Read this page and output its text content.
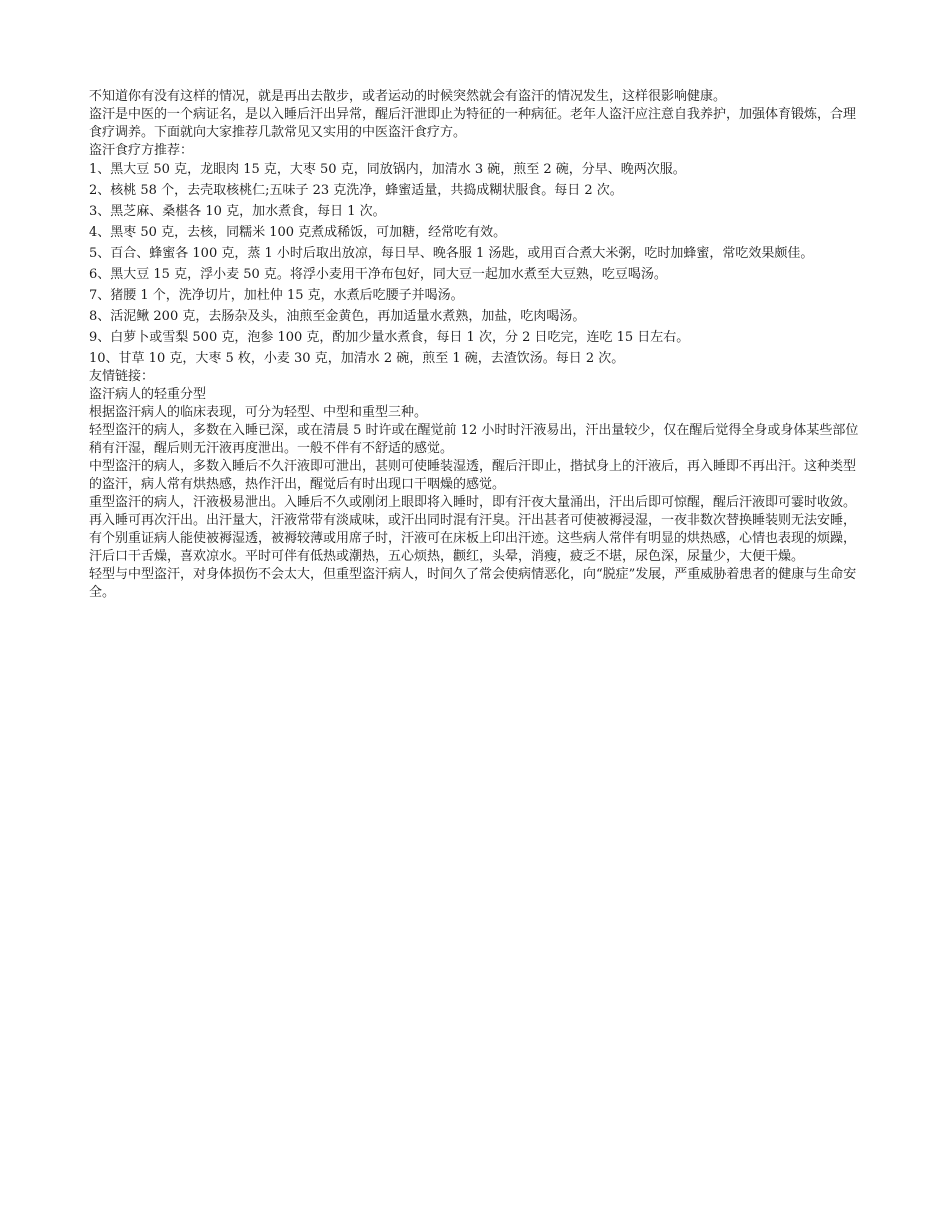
不知道你有没有这样的情况，就是再出去散步，或者运动的时候突然就会有盗汗的情况发生，这样很影响健康。

盗汗是中医的一个病证名，是以入睡后汗出异常，醒后汗泄即止为特征的一种病征。老年人盗汗应注意自我养护，加强体育锻炼，合理食疗调养。下面就向大家推荐几款常见又实用的中医盗汗食疗方。

盗汗食疗方推荐：

1、黑大豆 50 克，龙眼肉 15 克，大枣 50 克，同放锅内，加清水 3 碗，煎至 2 碗，分早、晚两次服。

2、核桃 58 个，去壳取核桃仁;五味子 23 克洗净，蜂蜜适量，共捣成糊状服食。每日 2 次。

3、黑芝麻、桑椹各 10 克，加水煮食，每日 1 次。

4、黑枣 50 克，去核，同糯米 100 克煮成稀饭，可加糖，经常吃有效。

5、百合、蜂蜜各 100 克，蒸 1 小时后取出放凉，每日早、晚各服 1 汤匙，或用百合煮大米粥，吃时加蜂蜜，常吃效果颇佳。

6、黑大豆 15 克，浮小麦 50 克。将浮小麦用干净布包好，同大豆一起加水煮至大豆熟，吃豆喝汤。

7、猪腰 1 个，洗净切片，加杜仲 15 克，水煮后吃腰子并喝汤。

8、活泥鳅 200 克，去肠杂及头，油煎至金黄色，再加适量水煮熟，加盐，吃肉喝汤。

9、白萝卜或雪梨 500 克，泡参 100 克，酌加少量水煮食，每日 1 次，分 2 日吃完，连吃 15 日左右。

10、甘草 10 克，大枣 5 枚，小麦 30 克，加清水 2 碗，煎至 1 碗，去渣饮汤。每日 2 次。

友情链接：

盗汗病人的轻重分型

根据盗汗病人的临床表现，可分为轻型、中型和重型三种。

轻型盗汗的病人，多数在入睡已深，或在清晨 5 时许或在醒觉前 12 小时时汗液易出，汗出量较少，仅在醒后觉得全身或身体某些部位稍有汗湿，醒后则无汗液再度泄出。一般不伴有不舒适的感觉。

中型盗汗的病人，多数入睡后不久汗液即可泄出，甚则可使睡装湿透，醒后汗即止，揩拭身上的汗液后，再入睡即不再出汗。这种类型的盗汗，病人常有烘热感，热作汗出，醒觉后有时出现口干咽燥的感觉。

重型盗汗的病人，汗液极易泄出。入睡后不久或刚闭上眼即将入睡时，即有汗夜大量涌出，汗出后即可惊醒，醒后汗液即可霎时收敛。再入睡可再次汗出。出汗量大，汗液常带有淡咸味，或汗出同时混有汗臭。汗出甚者可使被褥浸湿，一夜非数次替换睡装则无法安睡，有个别重证病人能使被褥湿透，被褥较薄或用席子时，汗液可在床板上印出汗迹。这些病人常伴有明显的烘热感，心情也表现的烦躁，汗后口干舌燥，喜欢凉水。平时可伴有低热或潮热，五心烦热，颧红，头晕，消瘦，疲乏不堪，尿色深，尿量少，大便干燥。

轻型与中型盗汗，对身体损伤不会太大，但重型盗汗病人，时间久了常会使病情恶化，向“脱症”发展，严重威胁着患者的健康与生命安全。
